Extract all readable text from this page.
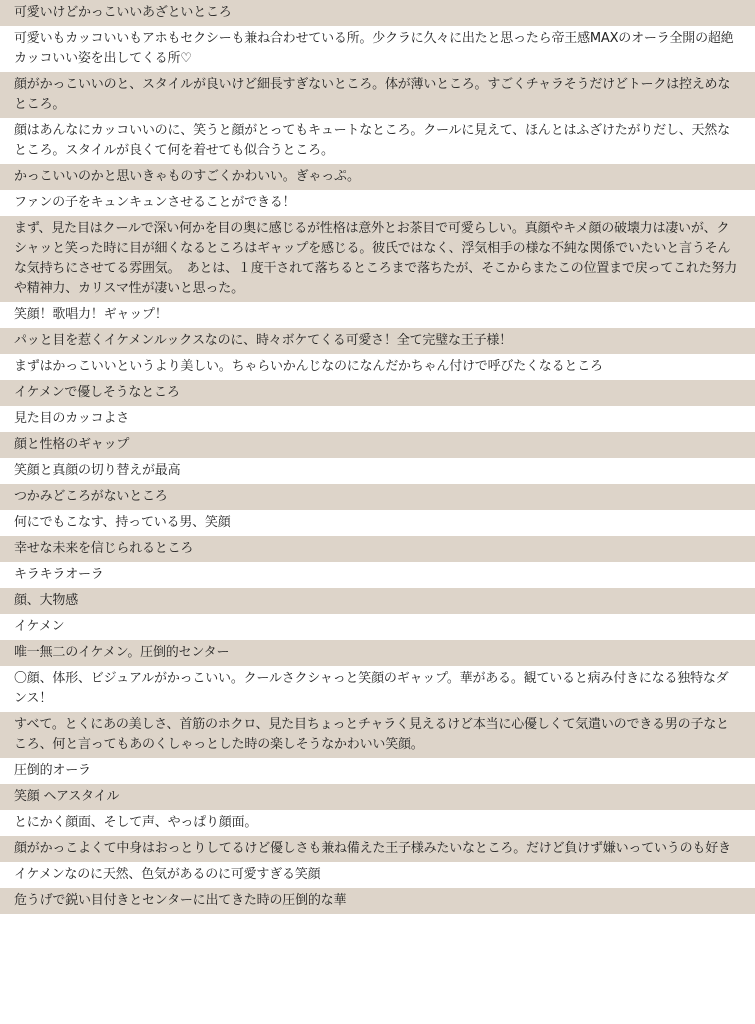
可愛いけどかっこいいあざといところ
可愛いもカッコいいもアホもセクシーも兼ね合わせている所。少クラに久々に出たと思ったら帝王感MAXのオーラ全開の超絶カッコいい姿を出してくる所♡
顔がかっこいいのと、スタイルが良いけど細長すぎないところ。体が薄いところ。すごくチャラそうだけどトークは控えめなところ。
顔はあんなにカッコいいのに、笑うと顔がとってもキュートなところ。クールに見えて、ほんとはふざけたがりだし、天然なところ。スタイルが良くて何を着せても似合うところ。
かっこいいのかと思いきゃものすごくかわいい。ぎゃっぷ。
ファンの子をキュンキュンさせることができる！
まず、見た目はクールで深い何かを目の奥に感じるが性格は意外とお茶目で可愛らしい。真顔やキメ顔の破壊力は凄いが、クシャッと笑った時に目が細くなるところはギャップを感じる。彼氏ではなく、浮気相手の様な不純な関係でいたいと言うそんな気持ちにさせてる雰囲気。　あとは、１度干されて落ちるところまで落ちたが、そこからまたこの位置まで戻ってこれた努力や精神力、カリスマ性が凄いと思った。
笑顔！歌唱力！ギャップ！
パッと目を惹くイケメンルックスなのに、時々ボケてくる可愛さ！全て完璧な王子様！
まずはかっこいいというより美しい。ちゃらいかんじなのになんだかちゃん付けで呼びたくなるところ
イケメンで優しそうなところ
見た目のカッコよさ
顔と性格のギャップ
笑顔と真顔の切り替えが最高
つかみどころがないところ
何にでもこなす、持っている男、笑顔
幸せな未来を信じられるところ
キラキラオーラ
顔、大物感
イケメン
唯一無二のイケメン。圧倒的センター
〇顔、体形、ビジュアルがかっこいい。クールさクシャっと笑顔のギャップ。華がある。観ていると病み付きになる独特なダンス！
すべて。とくにあの美しさ、首筋のホクロ、見た目ちょっとチャラく見えるけど本当に心優しくて気遣いのできる男の子なところ、何と言ってもあのくしゃっとした時の楽しそうなかわいい笑顔。
圧倒的オーラ
笑顔 ヘアスタイル
とにかく顔面、そして声、やっぱり顔面。
顔がかっこよくて中身はおっとりしてるけど優しさも兼ね備えた王子様みたいなところ。だけど負けず嫌いっていうのも好き
イケメンなのに天然、色気があるのに可愛すぎる笑顔
危うげで鋭い目付きとセンターに出てきた時の圧倒的な華
